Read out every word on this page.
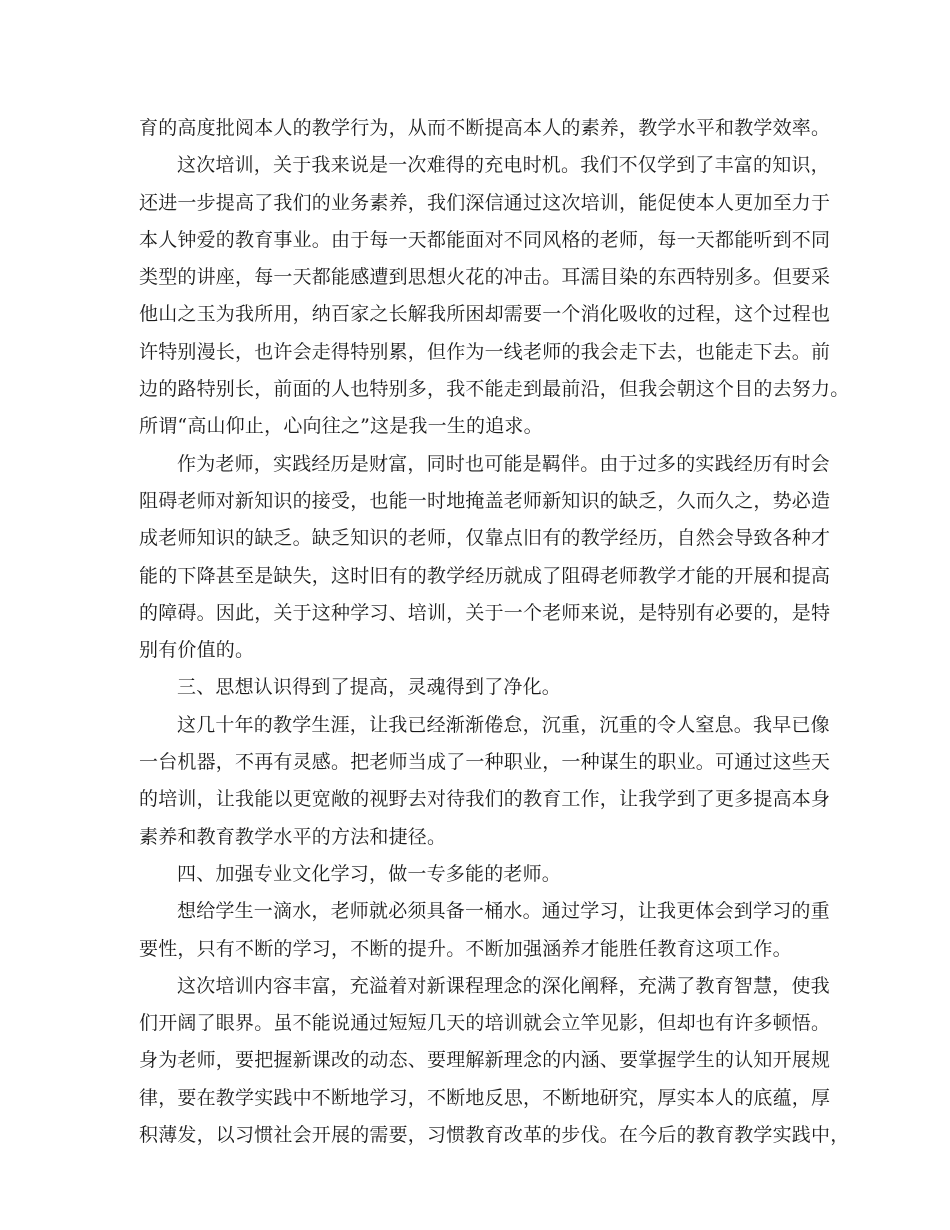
育的高度批阅本人的教学行为，从而不断提高本人的素养，教学水平和教学效率。
这次培训，关于我来说是一次难得的充电时机。我们不仅学到了丰富的知识，
还进一步提高了我们的业务素养，我们深信通过这次培训，能促使本人更加至力于
本人钟爱的教育事业。由于每一天都能面对不同风格的老师，每一天都能听到不同
类型的讲座，每一天都能感遭到思想火花的冲击。耳濡目染的东西特别多。但要采
他山之玉为我所用，纳百家之长解我所困却需要一个消化吸收的过程，这个过程也
许特别漫长，也许会走得特别累，但作为一线老师的我会走下去，也能走下去。前
边的路特别长，前面的人也特别多，我不能走到最前沿，但我会朝这个目的去努力。
所谓“高山仰止，心向往之”这是我一生的追求。
作为老师，实践经历是财富，同时也可能是羁伴。由于过多的实践经历有时会
阻碍老师对新知识的接受，也能一时地掩盖老师新知识的缺乏，久而久之，势必造
成老师知识的缺乏。缺乏知识的老师，仅靠点旧有的教学经历，自然会导致各种才
能的下降甚至是缺失，这时旧有的教学经历就成了阻碍老师教学才能的开展和提高
的障碍。因此，关于这种学习、培训，关于一个老师来说，是特别有必要的，是特
别有价值的。
三、思想认识得到了提高，灵魂得到了净化。
这几十年的教学生涯，让我已经渐渐倦怠，沉重，沉重的令人窒息。我早已像
一台机器，不再有灵感。把老师当成了一种职业，一种谋生的职业。可通过这些天
的培训，让我能以更宽敞的视野去对待我们的教育工作，让我学到了更多提高本身
素养和教育教学水平的方法和捷径。
四、加强专业文化学习，做一专多能的老师。
想给学生一滴水，老师就必须具备一桶水。通过学习，让我更体会到学习的重
要性，只有不断的学习，不断的提升。不断加强涵养才能胜任教育这项工作。
这次培训内容丰富，充溢着对新课程理念的深化阐释，充满了教育智慧，使我
们开阔了眼界。虽不能说通过短短几天的培训就会立竿见影，但却也有许多顿悟。
身为老师，要把握新课改的动态、要理解新理念的内涵、要掌握学生的认知开展规
律，要在教学实践中不断地学习，不断地反思，不断地研究，厚实本人的底蕴，厚
积薄发，以习惯社会开展的需要，习惯教育改革的步伐。在今后的教育教学实践中，
